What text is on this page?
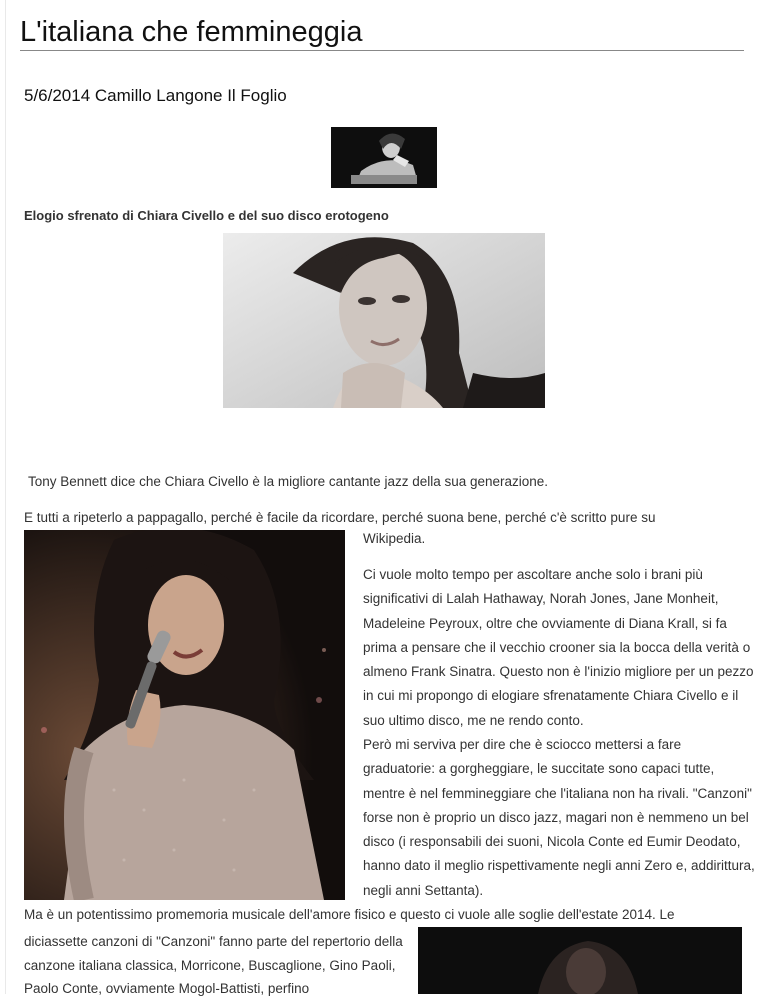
L'italiana che femmineggia
5/6/2014 Camillo Langone Il Foglio
Elogio sfrenato di Chiara Civello e del suo disco erotogeno
Tony Bennett dice che Chiara Civello è la migliore cantante jazz della sua generazione.
E tutti a ripeterlo a pappagallo, perché è facile da ricordare, perché suona bene, perché c'è scritto pure su
Wikipedia.

Ci vuole molto tempo per ascoltare anche solo i brani più significativi di Lalah Hathaway, Norah Jones, Jane Monheit, Madeleine Peyroux, oltre che ovviamente di Diana Krall, si fa prima a pensare che il vecchio crooner sia la bocca della verità o almeno Frank Sinatra. Questo non è l'inizio migliore per un pezzo in cui mi propongo di elogiare sfrenatamente Chiara Civello e il suo ultimo disco, me ne rendo conto.

Però mi serviva per dire che è sciocco mettersi a fare graduatorie: a gorgheggiare, le succitate sono capaci tutte, mentre è nel femmineggiare che l'italiana non ha rivali. "Canzoni" forse non è proprio un disco jazz, magari non è nemmeno un bel disco (i responsabili dei suoni, Nicola Conte ed Eumir Deodato, hanno dato il meglio rispettivamente negli anni Zero e, addirittura, negli anni Settanta).

Ma è un potentissimo promemoria musicale dell'amore fisico e questo ci vuole alle soglie dell'estate 2014. Le

diciassette canzoni di "Canzoni" fanno parte del repertorio della canzone italiana classica, Morricone, Buscaglione, Gino Paoli, Paolo Conte, ovviamente Mogol-Battisti, perfino
